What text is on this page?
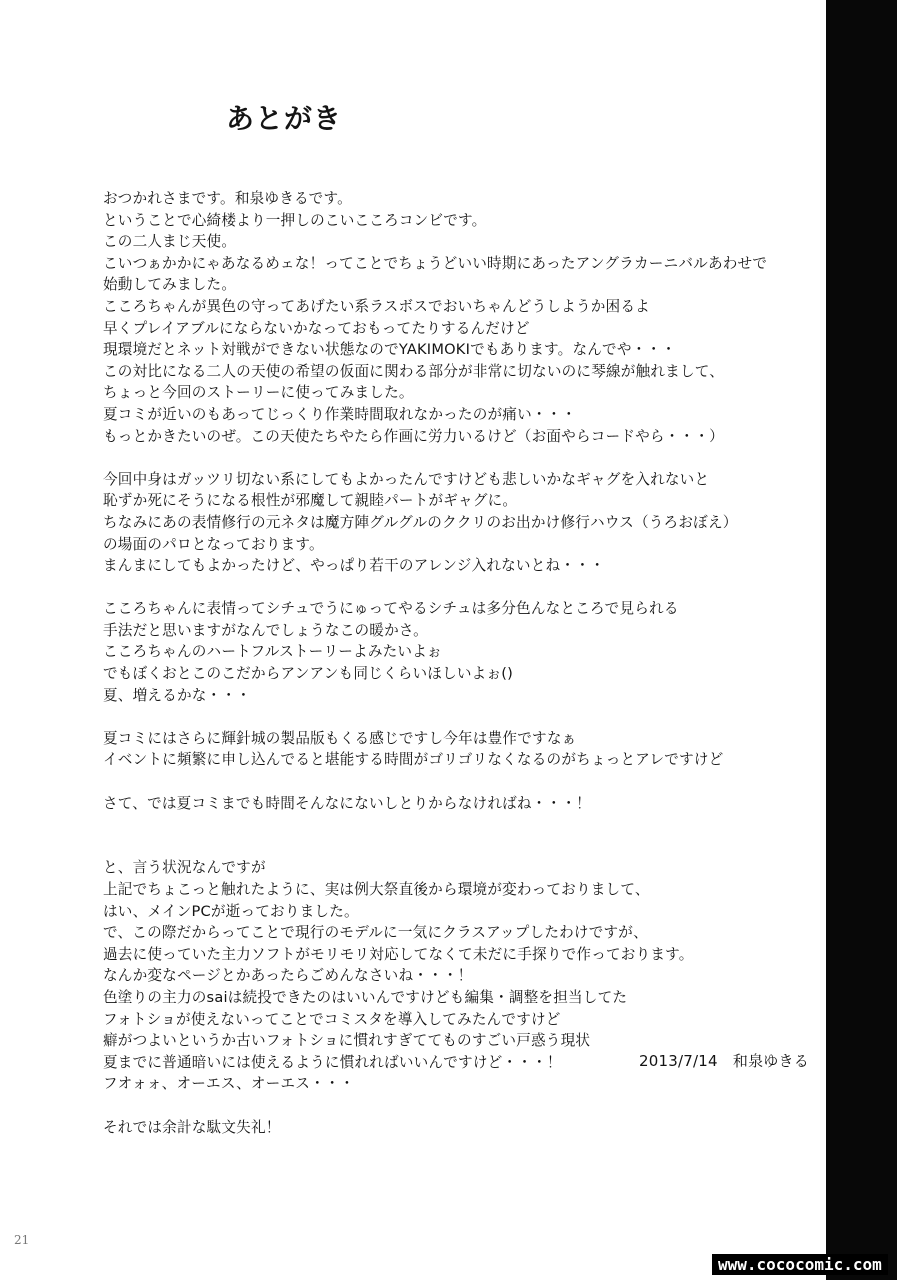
あとがき
おつかれさまです。和泉ゆきるです。
ということで心綺楼より一押しのこいこころコンビです。
この二人まじ天使。
こいつぁかかにゃあなるめェな！ってことでちょうどいい時期にあったアングラカーニバルあわせで
始動してみました。
こころちゃんが異色の守ってあげたい系ラスボスでおいちゃんどうしようか困るよ
早くプレイアブルにならないかなっておもってたりするんだけど
現環境だとネット対戦ができない状態なのでYAKIMOKIでもあります。なんでや・・・
この対比になる二人の天使の希望の仮面に関わる部分が非常に切ないのに琴線が触れまして、
ちょっと今回のストーリーに使ってみました。
夏コミが近いのもあってじっくり作業時間取れなかったのが痛い・・・
もっとかきたいのぜ。この天使たちやたら作画に労力いるけど（お面やらコードやら・・・）
今回中身はガッツリ切ない系にしてもよかったんですけども悲しいかなギャグを入れないと
恥ずか死にそうになる根性が邪魔して親睦パートがギャグに。
ちなみにあの表情修行の元ネタは魔方陣グルグルのククリのお出かけ修行ハウス（うろおぼえ）
の場面のパロとなっております。
まんまにしてもよかったけど、やっぱり若干のアレンジ入れないとね・・・
こころちゃんに表情ってシチュでうにゅってやるシチュは多分色んなところで見られる
手法だと思いますがなんでしょうなこの暖かさ。
こころちゃんのハートフルストーリーよみたいよぉ
でもぼくおとこのこだからアンアンも同じくらいほしいよぉ()
夏、増えるかな・・・
夏コミにはさらに輝針城の製品版もくる感じですし今年は豊作ですなぁ
イベントに頻繁に申し込んでると堪能する時間がゴリゴリなくなるのがちょっとアレですけど
さて、では夏コミまでも時間そんなにないしとりからなければね・・・！
と、言う状況なんですが
上記でちょこっと触れたように、実は例大祭直後から環境が変わっておりまして、
はい、メインPCが逝っておりました。
で、この際だからってことで現行のモデルに一気にクラスアップしたわけですが、
過去に使っていた主力ソフトがモリモリ対応してなくて未だに手探りで作っております。
なんか変なページとかあったらごめんなさいね・・・！
色塗りの主力のsaiは続投できたのはいいんですけども編集・調整を担当してた
フォトショが使えないってことでコミスタを導入してみたんですけど
癖がつよいというか古いフォトショに慣れすぎててものすごい戸惑う現状
夏までに普通暗いには使えるように慣れればいいんですけど・・・！
フオォォ、オーエス、オーエス・・・
それでは余計な駄文失礼！
2013/7/14　和泉ゆきる
21
www.cococomic.com
